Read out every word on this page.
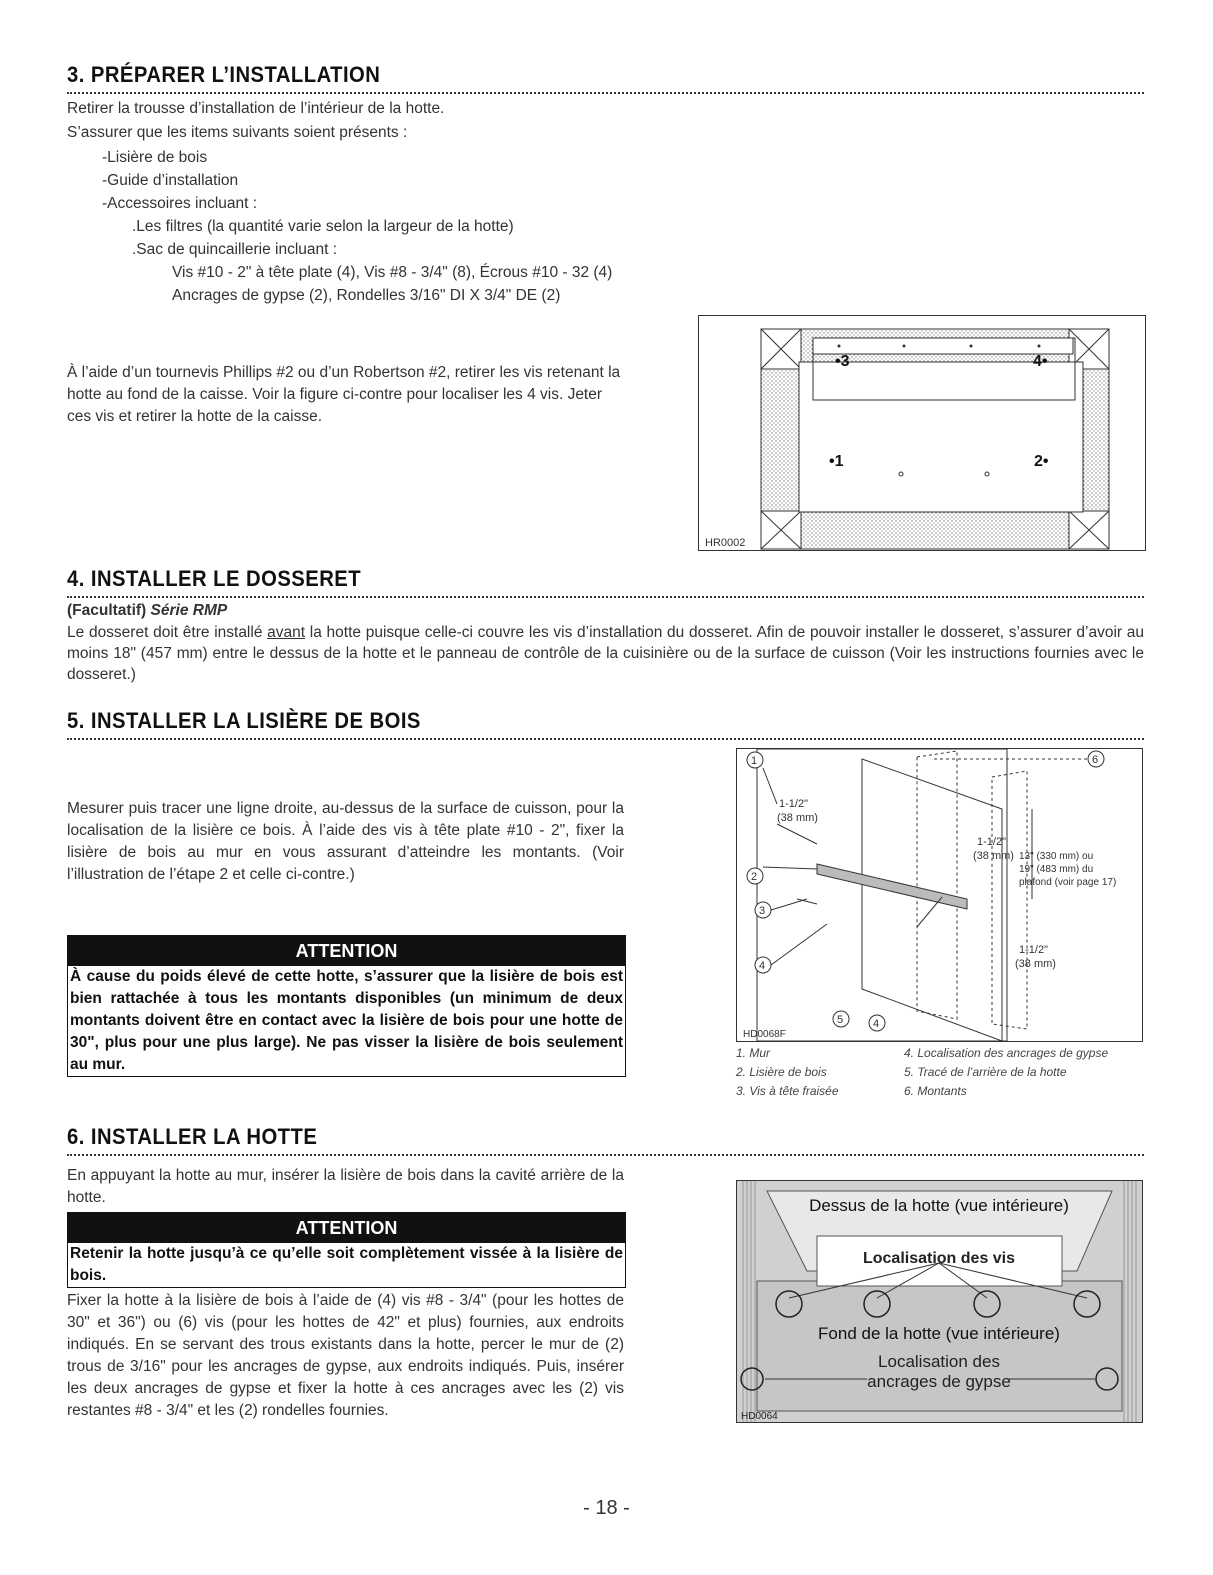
3. PRÉPARER L’INSTALLATION
Retirer la trousse d’installation de l’intérieur de la hotte.
S’assurer que les items suivants soient présents :
-Lisière de bois
-Guide d’installation
-Accessoires incluant :
.Les filtres (la quantité varie selon la largeur de la hotte)
.Sac de quincaillerie incluant :
Vis #10 - 2" à tête plate (4), Vis #8 - 3/4" (8), Écrous #10 - 32 (4)
Ancrages de gypse (2), Rondelles 3/16" DI X 3/4" DE (2)
À l’aide d’un tournevis Phillips #2 ou d’un Robertson #2, retirer les vis retenant la hotte au fond de la caisse. Voir la figure ci-contre pour localiser les 4 vis. Jeter ces vis et retirer la hotte de la caisse.
•3	4•
•1	2•
HR0002
4. INSTALLER LE DOSSERET
(Facultatif) Série RMP
Le dosseret doit être installé avant la hotte puisque celle-ci couvre les vis d’installation du dosseret. Afin de pouvoir installer le dosseret, s’assurer d’avoir au moins 18" (457 mm) entre le dessus de la hotte et le panneau de contrôle de la cuisinière ou de la surface de cuisson (Voir les instructions fournies avec le dosseret.)
5. INSTALLER LA LISIÈRE DE BOIS
Mesurer puis tracer une ligne droite, au-dessus de la surface de cuisson, pour la localisation de la lisière ce bois. À l’aide des vis à tête plate #10 - 2", fixer la lisière de bois au mur en vous assurant d’atteindre les montants. (Voir l’illustration de l’étape 2 et celle ci-contre.)
ATTENTION
À cause du poids élevé de cette hotte, s’assurer que la lisière de bois est bien rattachée à tous les montants disponibles (un minimum de deux montants doivent être en contact avec la lisière de bois pour une hotte de 30", plus pour une plus large). Ne pas visser la lisière de bois seulement au mur.
1
2
3
4
5	4
6
1-1/2"
(38 mm)
1-1/2"
(38 mm) 13" (330 mm) ou
19" (483 mm) du
plafond (voir page 17)
1-1/2"
(38 mm)
HD0068F
1. Mur
2. Lisière de bois
3. Vis à tête fraisée
4. Localisation des ancrages de gypse
5. Tracé de l’arrière de la hotte
6. Montants
6. INSTALLER LA HOTTE
En appuyant la hotte au mur, insérer la lisière de bois dans la cavité arrière de la hotte.
ATTENTION
Retenir la hotte jusqu’à ce qu’elle soit complètement vissée à la lisière de bois.
Fixer la hotte à la lisière de bois à l’aide de (4) vis #8 - 3/4" (pour les hottes de 30" et 36") ou (6) vis (pour les hottes de 42" et plus) fournies, aux endroits indiqués. En se servant des trous existants dans la hotte, percer le mur de (2) trous de 3/16" pour les ancrages de gypse, aux endroits indiqués. Puis, insérer les deux ancrages de gypse et fixer la hotte à ces ancrages avec les (2) vis restantes #8 - 3/4" et les (2) rondelles fournies.
Dessus de la hotte (vue intérieure)
Localisation des vis
Fond de la hotte (vue intérieure)
Localisation des
ancrages de gypse
HD0064
- 18 -
